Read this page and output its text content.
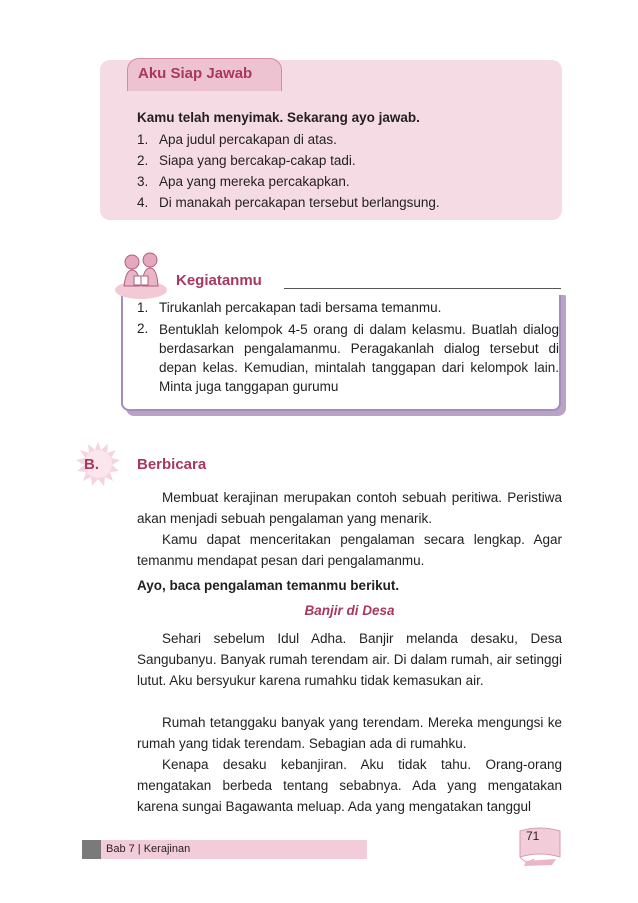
Aku Siap Jawab
Kamu telah menyimak. Sekarang ayo jawab.
1. Apa judul percakapan di atas.
2. Siapa yang bercakap-cakap tadi.
3. Apa yang mereka percakapkan.
4. Di manakah percakapan tersebut berlangsung.
Kegiatanmu
1. Tirukanlah percakapan tadi bersama temanmu.
2. Bentuklah kelompok 4-5 orang di dalam kelasmu. Buatlah dialog berdasarkan pengalamanmu. Peragakanlah dialog tersebut di depan kelas. Kemudian, mintalah tanggapan dari kelompok lain. Minta juga tanggapan gurumu
B.	Berbicara
Membuat kerajinan merupakan contoh sebuah peritiwa. Peristiwa akan menjadi sebuah pengalaman yang menarik.
Kamu dapat menceritakan pengalaman secara lengkap. Agar temanmu mendapat pesan dari pengalamanmu.
Ayo, baca pengalaman temanmu berikut.
Banjir di Desa
Sehari sebelum Idul Adha. Banjir melanda desaku, Desa Sangubanyu. Banyak rumah terendam air. Di dalam rumah, air setinggi lutut. Aku bersyukur karena rumahku tidak kemasukan air.
Rumah tetanggaku banyak yang terendam. Mereka mengungsi ke rumah yang tidak terendam. Sebagian ada di rumahku.
Kenapa desaku kebanjiran. Aku tidak tahu. Orang-orang mengatakan berbeda tentang sebabnya. Ada yang mengatakan karena sungai Bagawanta meluap. Ada yang mengatakan tanggul
Bab 7 | Kerajinan
71
